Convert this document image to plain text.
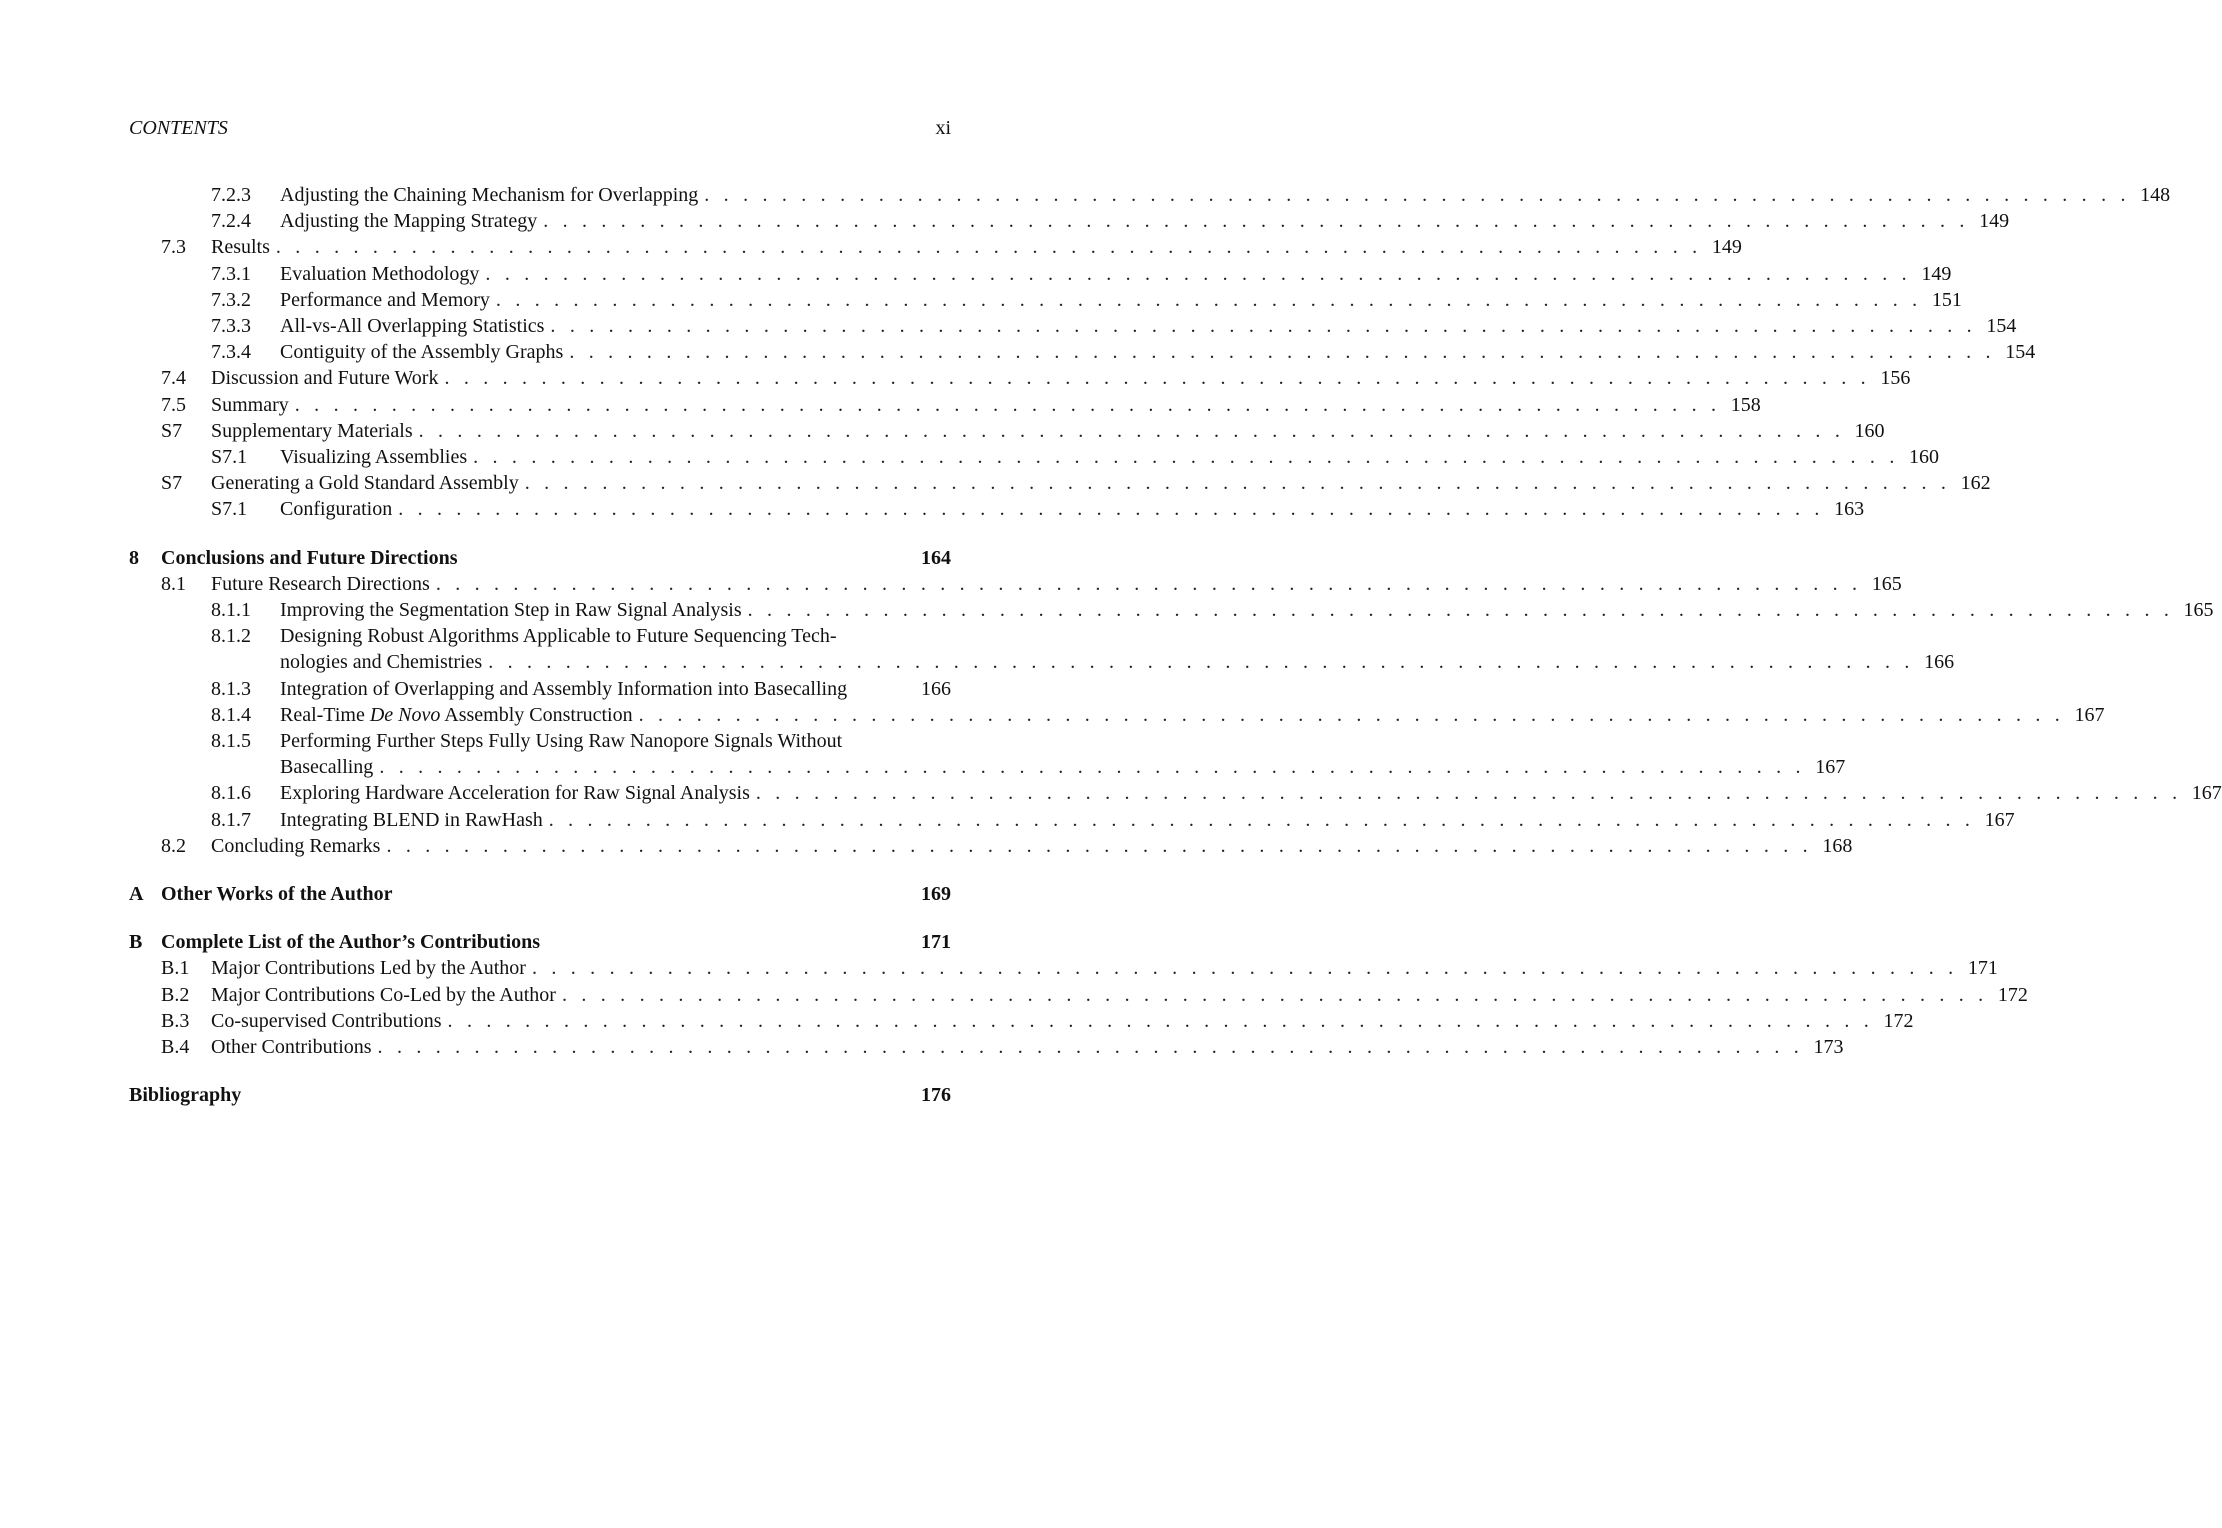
CONTENTS	xi
7.2.3 Adjusting the Chaining Mechanism for Overlapping . . . . . . . . . . . . . . . . . . . . . . . . . . . . . . . . . . . . . . . . . . . . . . . . . . . . . . . . . . . . . . . . . . . . . . . . . . 148
7.2.4 Adjusting the Mapping Strategy . . . . . . . . . . . . . . . . . . . . . . . . . . . . . . . . . . . . . . . . . . . . . . . . . . . . . . . . . . . . . . . . . . . . . . . . . . 149
7.3 Results . . . . . . . . . . . . . . . . . . . . . . . . . . . . . . . . . . . . . . . . . . . . . . . . . . . . . . . . . . . . . . . . . . . . . . . . . . 149
7.3.1 Evaluation Methodology . . . . . . . . . . . . . . . . . . . . . . . . . . . . . . . . . . . . . . . . . . . . . . . . . . . . . . . . . . . . . . . . . . . . . . . . . . 149
7.3.2 Performance and Memory . . . . . . . . . . . . . . . . . . . . . . . . . . . . . . . . . . . . . . . . . . . . . . . . . . . . . . . . . . . . . . . . . . . . . . . . . . 151
7.3.3 All-vs-All Overlapping Statistics . . . . . . . . . . . . . . . . . . . . . . . . . . . . . . . . . . . . . . . . . . . . . . . . . . . . . . . . . . . . . . . . . . . . . . . . . . 154
7.3.4 Contiguity of the Assembly Graphs . . . . . . . . . . . . . . . . . . . . . . . . . . . . . . . . . . . . . . . . . . . . . . . . . . . . . . . . . . . . . . . . . . . . . . . . . . 154
7.4 Discussion and Future Work . . . . . . . . . . . . . . . . . . . . . . . . . . . . . . . . . . . . . . . . . . . . . . . . . . . . . . . . . . . . . . . . . . . . . . . . . . 156
7.5 Summary . . . . . . . . . . . . . . . . . . . . . . . . . . . . . . . . . . . . . . . . . . . . . . . . . . . . . . . . . . . . . . . . . . . . . . . . . . 158
S7 Supplementary Materials . . . . . . . . . . . . . . . . . . . . . . . . . . . . . . . . . . . . . . . . . . . . . . . . . . . . . . . . . . . . . . . . . . . . . . . . . . 160
S7.1 Visualizing Assemblies . . . . . . . . . . . . . . . . . . . . . . . . . . . . . . . . . . . . . . . . . . . . . . . . . . . . . . . . . . . . . . . . . . . . . . . . . . 160
S7 Generating a Gold Standard Assembly . . . . . . . . . . . . . . . . . . . . . . . . . . . . . . . . . . . . . . . . . . . . . . . . . . . . . . . . . . . . . . . . . . . . . . . . . . 162
S7.1 Configuration . . . . . . . . . . . . . . . . . . . . . . . . . . . . . . . . . . . . . . . . . . . . . . . . . . . . . . . . . . . . . . . . . . . . . . . . . . 163
8 Conclusions and Future Directions	164
8.1 Future Research Directions . . . . . . . . . . . . . . . . . . . . . . . . . . . . . . . . . . . . . . . . . . . . . . . . . . . . . . . . . . . . . . . . . . . . . . . . . . 165
8.1.1 Improving the Segmentation Step in Raw Signal Analysis . . . . . . . . . . . . . . . . . . . . . . . . . . . . . . . . . . . . . . . . . . . . . . . . . . . . . . . . . . . . . . . . . . . . . . . . . . 165
8.1.2 Designing Robust Algorithms Applicable to Future Sequencing Tech-
nologies and Chemistries . . . . . . . . . . . . . . . . . . . . . . . . . . . . . . . . . . . . . . . . . . . . . . . . . . . . . . . . . . . . . . . . . . . . . . . . . . 166
8.1.3 Integration of Overlapping and Assembly Information into Basecalling	166
8.1.4 Real-Time De Novo Assembly Construction . . . . . . . . . . . . . . . . . . . . . . . . . . . . . . . . . . . . . . . . . . . . . . . . . . . . . . . . . . . . . . . . . . . . . . . . . . 167
8.1.5 Performing Further Steps Fully Using Raw Nanopore Signals Without
Basecalling . . . . . . . . . . . . . . . . . . . . . . . . . . . . . . . . . . . . . . . . . . . . . . . . . . . . . . . . . . . . . . . . . . . . . . . . . . 167
8.1.6 Exploring Hardware Acceleration for Raw Signal Analysis . . . . . . . . . . . . . . . . . . . . . . . . . . . . . . . . . . . . . . . . . . . . . . . . . . . . . . . . . . . . . . . . . . . . . . . . . . 167
8.1.7 Integrating BLEND in RawHash . . . . . . . . . . . . . . . . . . . . . . . . . . . . . . . . . . . . . . . . . . . . . . . . . . . . . . . . . . . . . . . . . . . . . . . . . . 167
8.2 Concluding Remarks . . . . . . . . . . . . . . . . . . . . . . . . . . . . . . . . . . . . . . . . . . . . . . . . . . . . . . . . . . . . . . . . . . . . . . . . . . 168
A Other Works of the Author	169
B Complete List of the Author’s Contributions	171
B.1 Major Contributions Led by the Author . . . . . . . . . . . . . . . . . . . . . . . . . . . . . . . . . . . . . . . . . . . . . . . . . . . . . . . . . . . . . . . . . . . . . . . . . . 171
B.2 Major Contributions Co-Led by the Author . . . . . . . . . . . . . . . . . . . . . . . . . . . . . . . . . . . . . . . . . . . . . . . . . . . . . . . . . . . . . . . . . . . . . . . . . . 172
B.3 Co-supervised Contributions . . . . . . . . . . . . . . . . . . . . . . . . . . . . . . . . . . . . . . . . . . . . . . . . . . . . . . . . . . . . . . . . . . . . . . . . . . 172
B.4 Other Contributions . . . . . . . . . . . . . . . . . . . . . . . . . . . . . . . . . . . . . . . . . . . . . . . . . . . . . . . . . . . . . . . . . . . . . . . . . . 173
Bibliography	176
